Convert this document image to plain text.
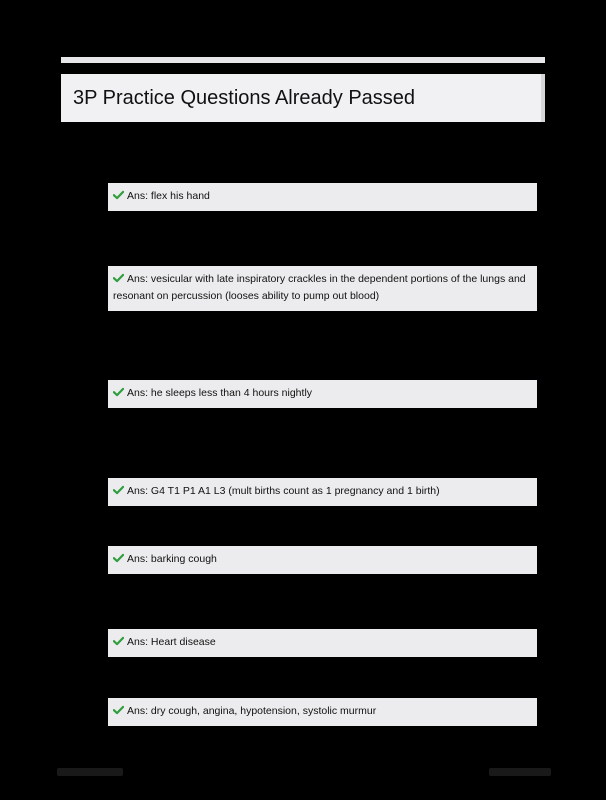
3P Practice Questions Already Passed
Ans: flex his hand
Ans: vesicular with late inspiratory crackles in the dependent portions of the lungs and resonant on percussion (looses ability to pump out blood)
Ans: he sleeps less than 4 hours nightly
Ans: G4 T1 P1 A1 L3 (mult births count as 1 pregnancy and 1 birth)
Ans: barking cough
Ans: Heart disease
Ans: dry cough, angina, hypotension, systolic murmur
